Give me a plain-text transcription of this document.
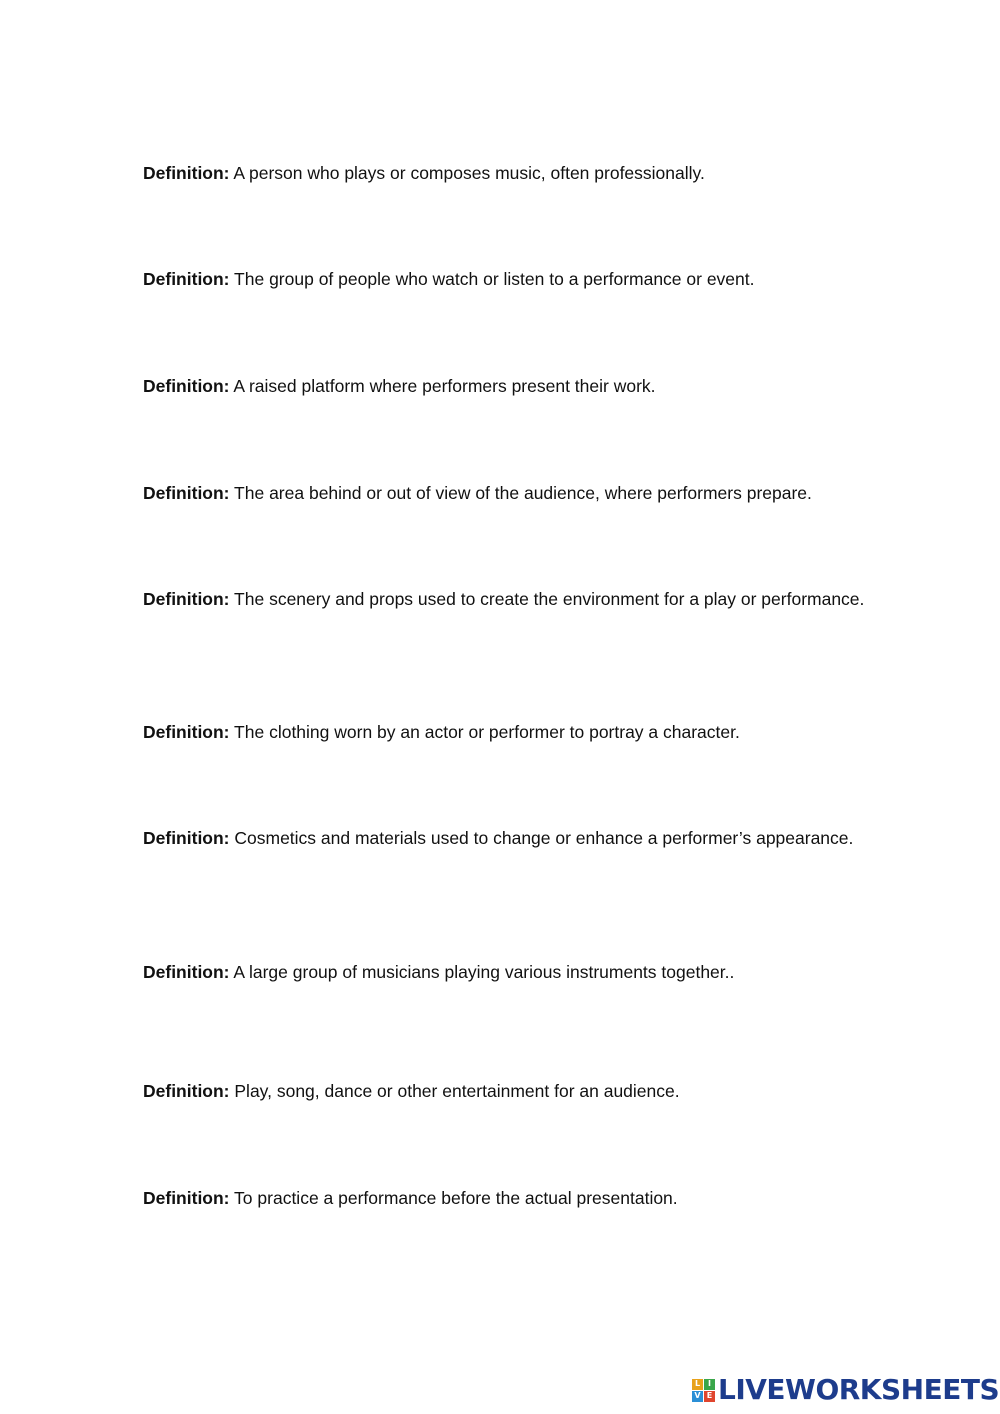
Definition: A person who plays or composes music, often professionally.

Definition: The group of people who watch or listen to a performance or event.

Definition: A raised platform where performers present their work.

Definition: The area behind or out of view of the audience, where performers prepare.

Definition: The scenery and props used to create the environment for a play or performance.

Definition: The clothing worn by an actor or performer to portray a character.

Definition: Cosmetics and materials used to change or enhance a performer’s appearance.

Definition: A large group of musicians playing various instruments together..

Definition: Play, song, dance or other entertainment for an audience.

Definition: To practice a performance before the actual presentation.

L I
V E LIVEWORKSHEETS
